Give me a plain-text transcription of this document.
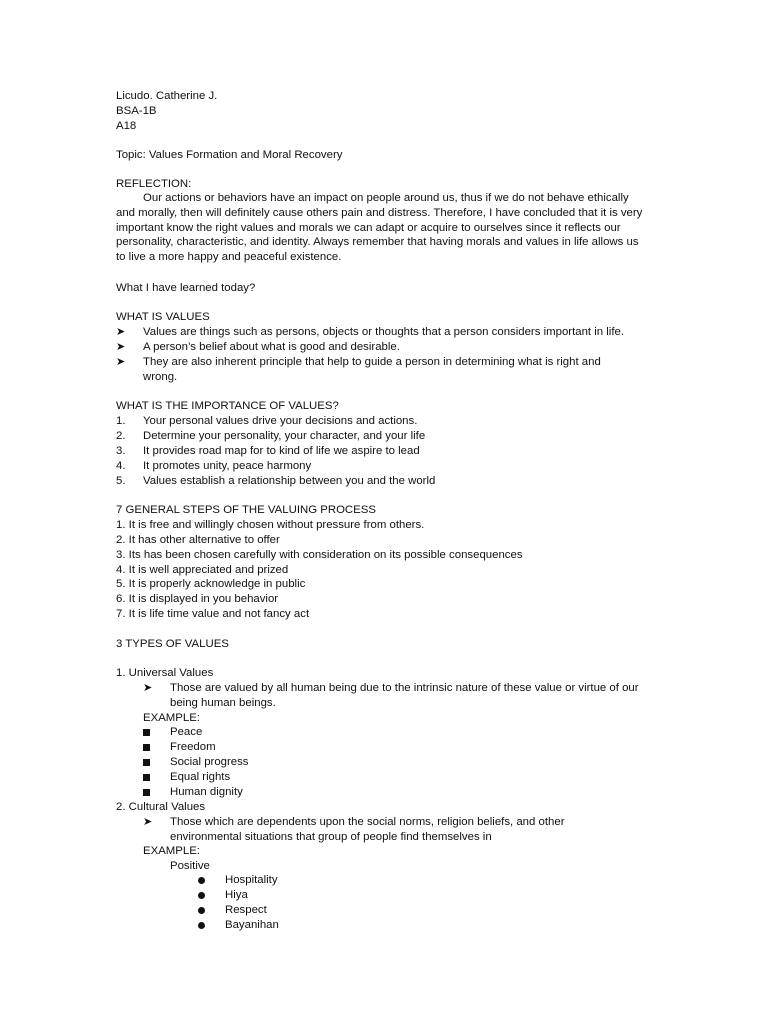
Licudo. Catherine J.
BSA-1B
A18
Topic: Values Formation and Moral Recovery
REFLECTION:
Our actions or behaviors have an impact on people around us, thus if we do not behave ethically and morally, then will definitely cause others pain and distress. Therefore, I have concluded that it is very important know the right values and morals we can adapt or acquire to ourselves since it reflects our personality, characteristic, and identity. Always remember that having morals and values in life allows us to live a more happy and peaceful existence.
What I have learned today?
WHAT IS VALUES
➤ Values are things such as persons, objects or thoughts that a person considers important in life.
➤ A person’s belief about what is good and desirable.
➤ They are also inherent principle that help to guide a person in determining what is right and wrong.
WHAT IS THE IMPORTANCE OF VALUES?
1. Your personal values drive your decisions and actions.
2. Determine your personality, your character, and your life
3. It provides road map for to kind of life we aspire to lead
4. It promotes unity, peace harmony
5. Values establish a relationship between you and the world
7 GENERAL STEPS OF THE VALUING PROCESS
1. It is free and willingly chosen without pressure from others.
2. It has other alternative to offer
3. Its has been chosen carefully with consideration on its possible consequences
4. It is well appreciated and prized
5. It is properly acknowledge in public
6. It is displayed in you behavior
7. It is life time value and not fancy act
3 TYPES OF VALUES
1. Universal Values
➤ Those are valued by all human being due to the intrinsic nature of these value or virtue of our being human beings.
EXAMPLE:
Peace
Freedom
Social progress
Equal rights
Human dignity
2. Cultural Values
➤ Those which are dependents upon the social norms, religion beliefs, and other environmental situations that group of people find themselves in
EXAMPLE:
Positive
Hospitality
Hiya
Respect
Bayanihan
